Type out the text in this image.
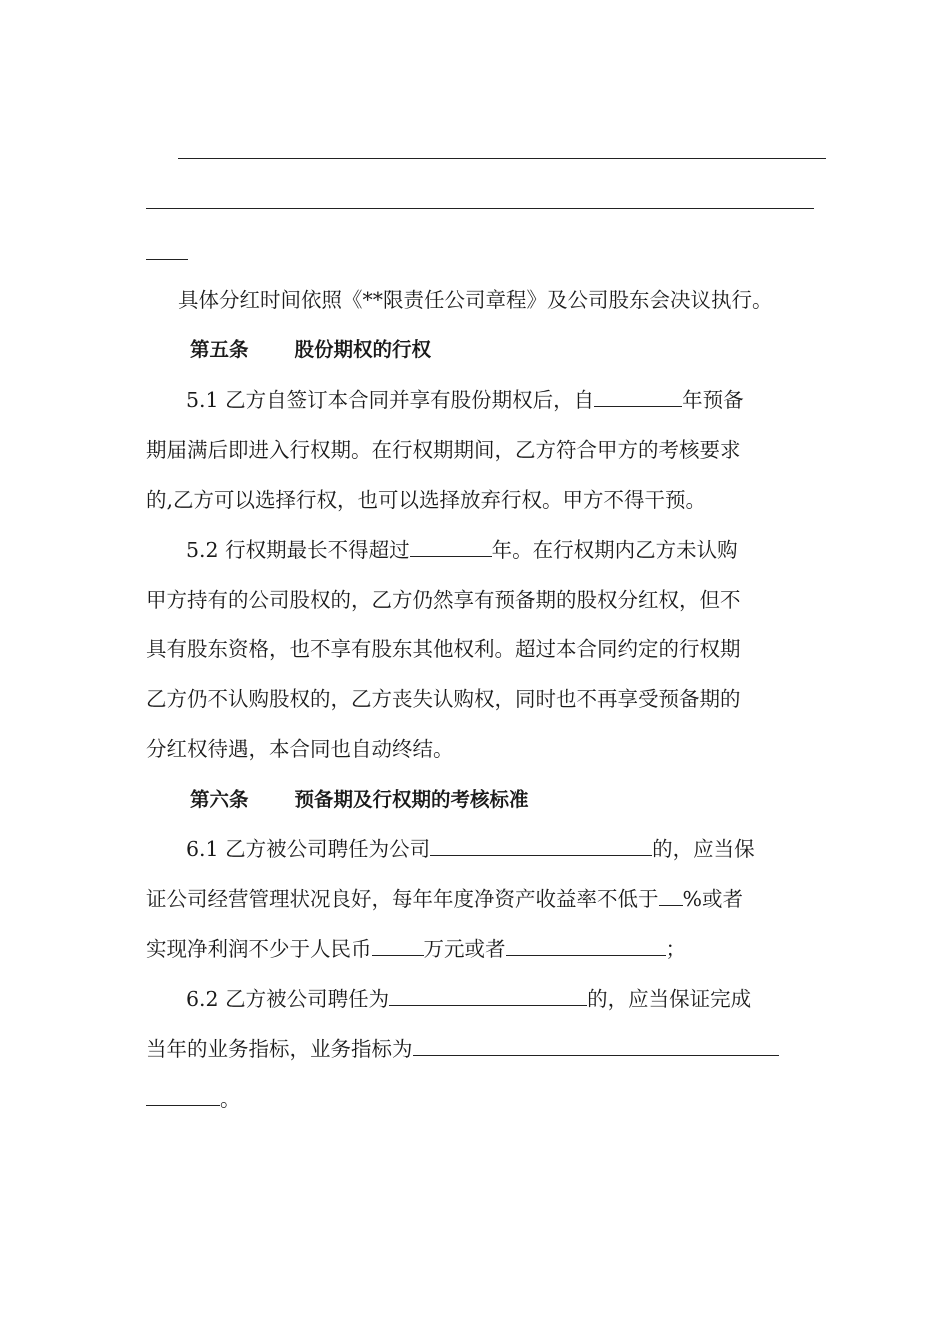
具体分红时间依照《**限责任公司章程》及公司股东会决议执行。
第五条 股份期权的行权
5.1 乙方自签订本合同并享有股份期权后，自	年预备
期届满后即进入行权期。在行权期期间，乙方符合甲方的考核要求
的,乙方可以选择行权，也可以选择放弃行权。甲方不得干预。
5.2 行权期最长不得超过	年。在行权期内乙方未认购
甲方持有的公司股权的，乙方仍然享有预备期的股权分红权，但不
具有股东资格，也不享有股东其他权利。超过本合同约定的行权期
乙方仍不认购股权的，乙方丧失认购权，同时也不再享受预备期的
分红权待遇，本合同也自动终结。
第六条 预备期及行权期的考核标准
6.1 乙方被公司聘任为公司	的，应当保
证公司经营管理状况良好，每年年度净资产收益率不低于 %或者
实现净利润不少于人民币	万元或者	；
6.2 乙方被公司聘任为	的，应当保证完成
当年的业务指标，业务指标为
。
